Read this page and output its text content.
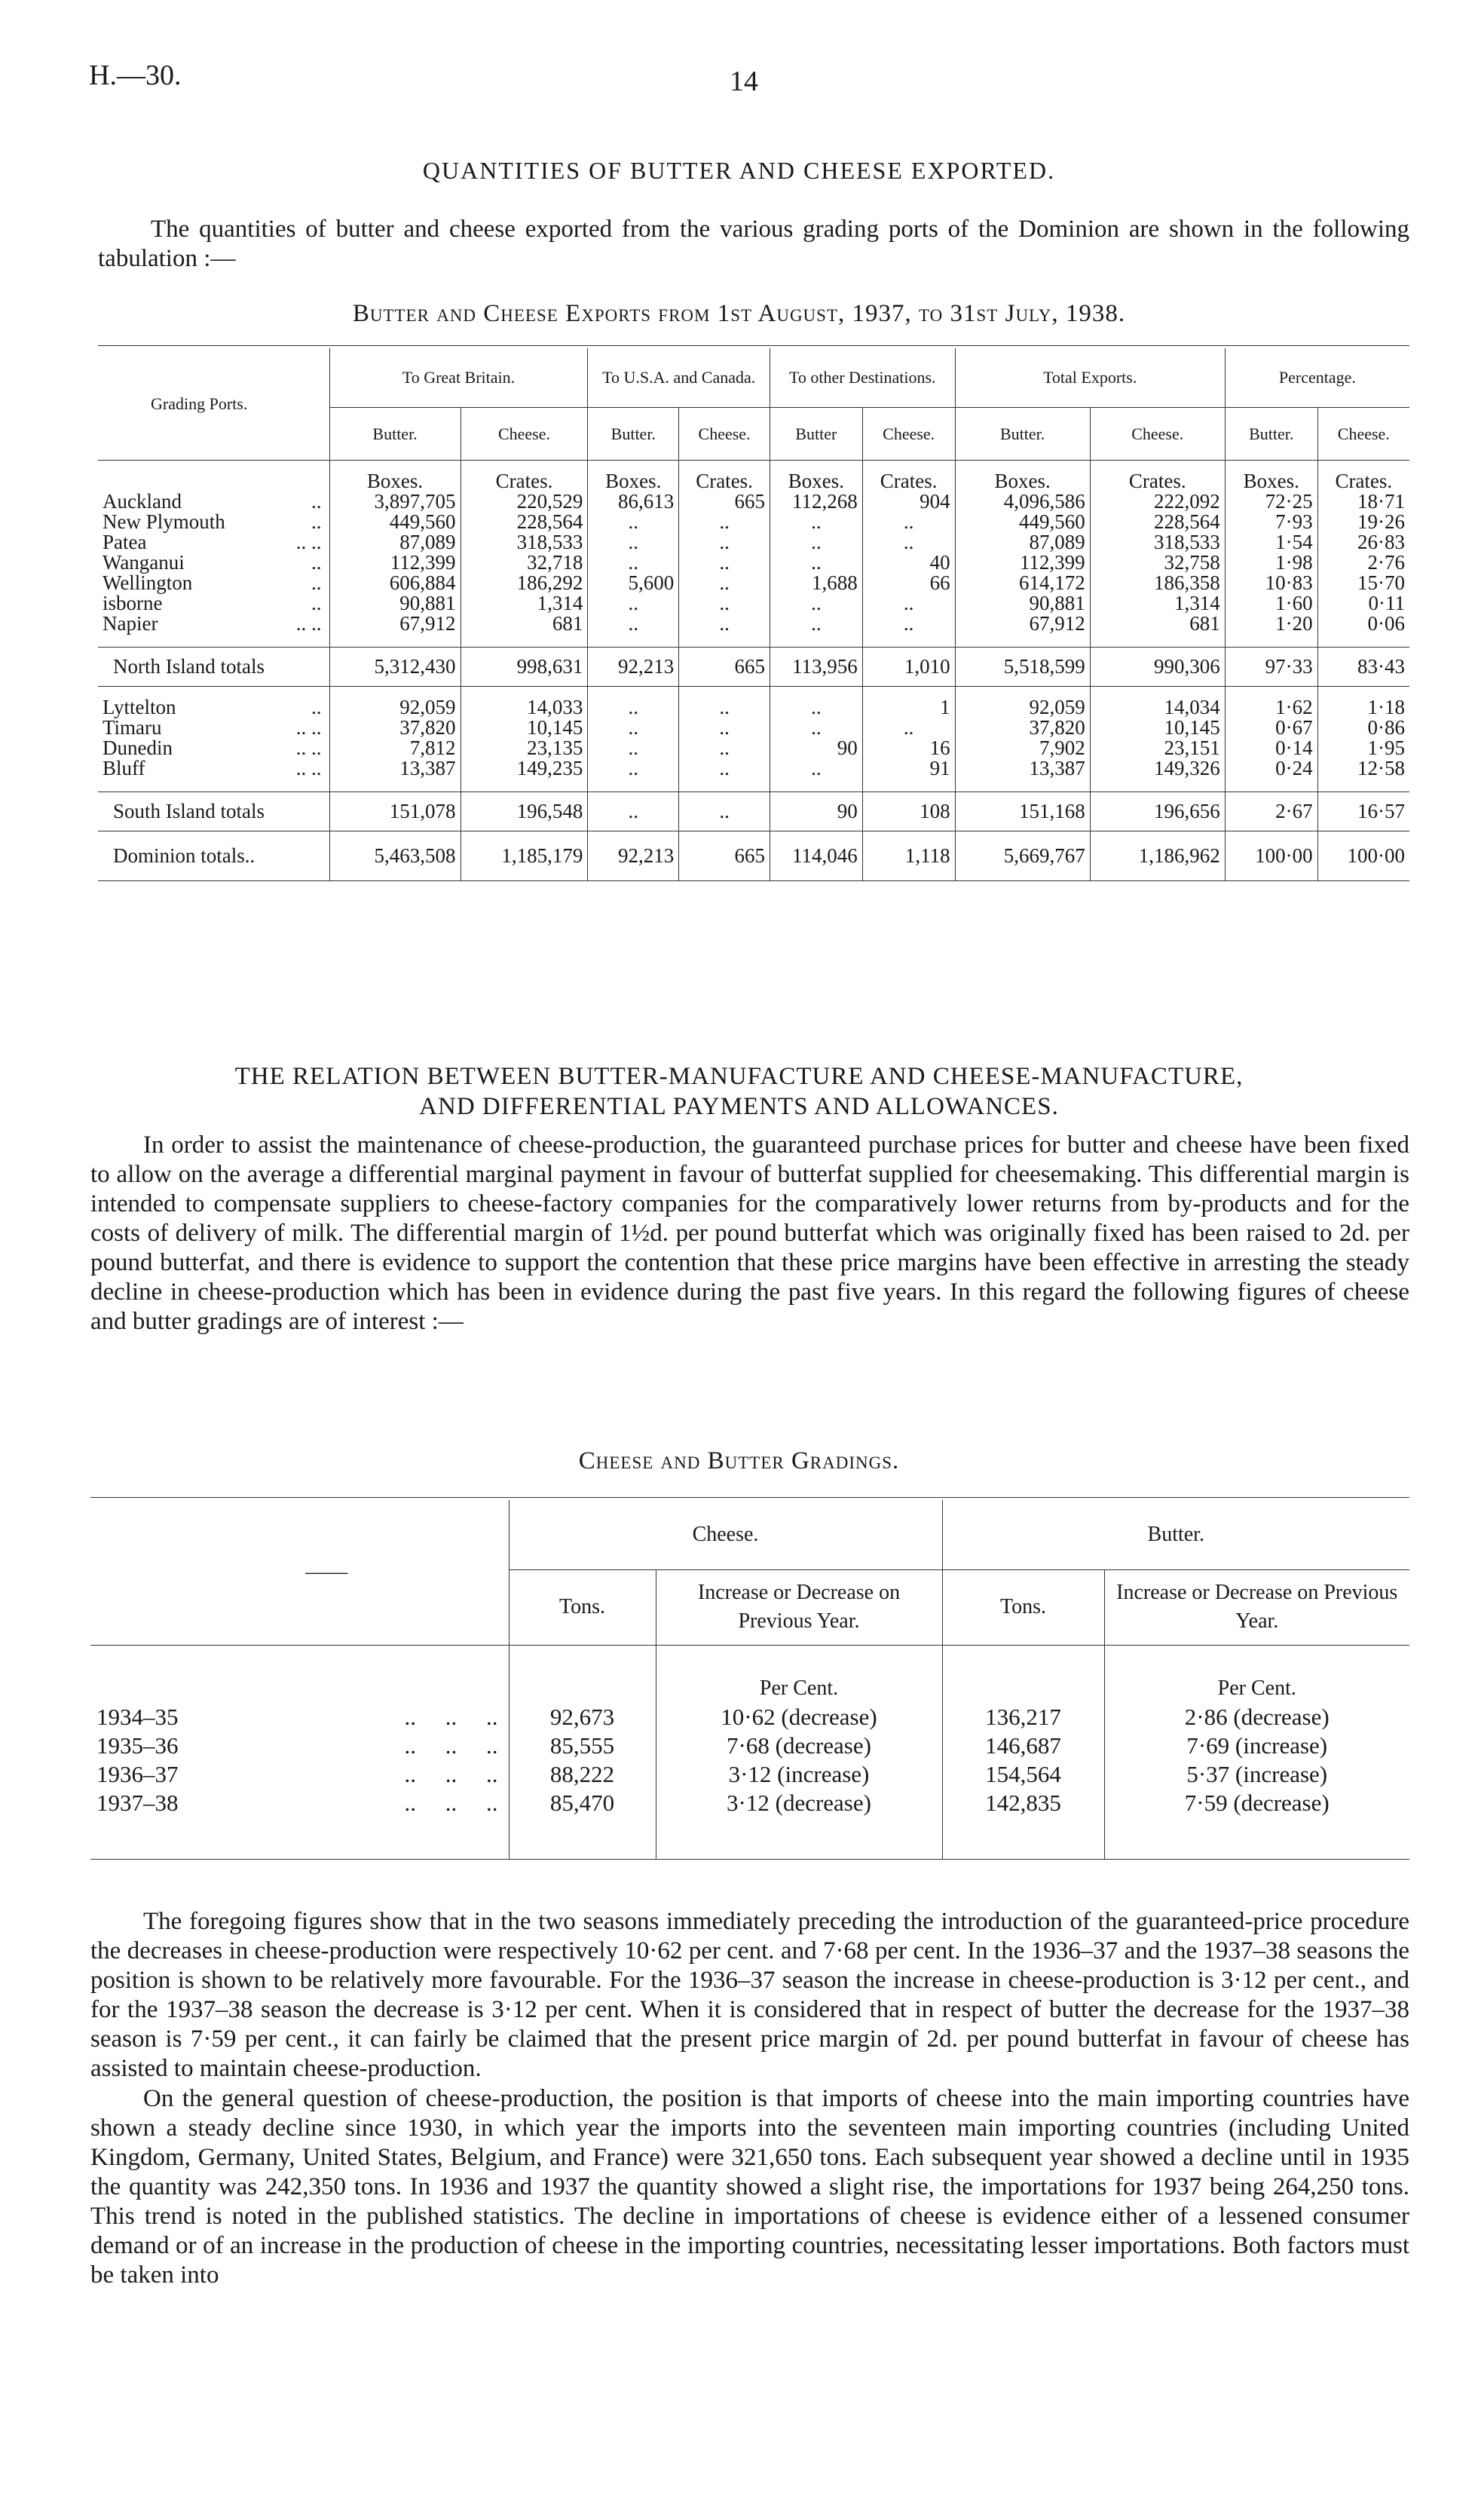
H.—30.	14
QUANTITIES OF BUTTER AND CHEESE EXPORTED.

The quantities of butter and cheese exported from the various grading ports of the Dominion are shown in the following tabulation :—

Butter and Cheese Exports from 1st August, 1937, to 31st July, 1938.
Grading Ports.	To Great Britain.		To U.S.A. and Canada.		To other Destinations.		Total Exports.		Percentage.	
	Butter.	Cheese.	Butter.	Cheese.	Butter	Cheese.	Butter.	Cheese.	Butter.	Cheese.
	Boxes.	Crates.	Boxes.	Crates.	Boxes.	Crates.	Boxes.	Crates.	Boxes.	Crates.
Auckland ..	3,897,705	220,529	86,613	665	112,268	904	4,096,586	222,092	72·25	18·71
New Plymouth ..	449,560	228,564	..	..	..	..	449,560	228,564	7·93	19·26
Patea .. ..	87,089	318,533	..	..	..	..	87,089	318,533	1·54	26·83
Wanganui ..	112,399	32,718	..	..	..	40	112,399	32,758	1·98	2·76
Wellington ..	606,884	186,292	5,600	..	1,688	66	614,172	186,358	10·83	15·70
isborne ..	90,881	1,314	..	..	..	..	90,881	1,314	1·60	0·11
Napier .. ..	67,912	681	..	..	..	..	67,912	681	1·20	0·06

North Island totals	5,312,430	998,631	92,213	665	113,956	1,010	5,518,599	990,306	97·33	83·43

Lyttelton ..	92,059	14,033	..	..	..	1	92,059	14,034	1·62	1·18
Timaru .. ..	37,820	10,145	..	..	..	..	37,820	10,145	0·67	0·86
Dunedin .. ..	7,812	23,135	..	..	90	16	7,902	23,151	0·14	1·95
Bluff .. ..	13,387	149,235	..	..	..	91	13,387	149,326	0·24	12·58

South Island totals	151,078	196,548	..	..	90	108	151,168	196,656	2·67	16·57
Dominion totals..	5,463,508	1,185,179	92,213	665	114,046	1,118	5,669,767	1,186,962	100·00	100·00
THE RELATION BETWEEN BUTTER-MANUFACTURE AND CHEESE-MANUFACTURE,
AND DIFFERENTIAL PAYMENTS AND ALLOWANCES.

In order to assist the maintenance of cheese-production, the guaranteed purchase prices for butter and cheese have been fixed to allow on the average a differential marginal payment in favour of butterfat supplied for cheesemaking. This differential margin is intended to compensate suppliers to cheese-factory companies for the comparatively lower returns from by-products and for the costs of delivery of milk. The differential margin of 1½d. per pound butterfat which was originally fixed has been raised to 2d. per pound butterfat, and there is evidence to support the contention that these price margins have been effective in arresting the steady decline in cheese-production which has been in evidence during the past five years. In this regard the following figures of cheese and butter gradings are of interest :—

Cheese and Butter Gradings.
——	Cheese.		Butter.	
	Tons.	Increase or Decrease on Previous Year.	Tons.	Increase or Decrease on Previous Year.
		Per Cent.		Per Cent.
1934–35 ..     ..     ..	92,673	10·62 (decrease)	136,217	2·86 (decrease)
1935–36 ..     ..     ..	85,555	7·68 (decrease)	146,687	7·69 (increase)
1936–37 ..     ..     ..	88,222	3·12 (increase)	154,564	5·37 (increase)
1937–38 ..     ..     ..	85,470	3·12 (decrease)	142,835	7·59 (decrease)

The foregoing figures show that in the two seasons immediately preceding the introduction of the guaranteed-price procedure the decreases in cheese-production were respectively 10·62 per cent. and 7·68 per cent. In the 1936–37 and the 1937–38 seasons the position is shown to be relatively more favourable. For the 1936–37 season the increase in cheese-production is 3·12 per cent., and for the 1937–38 season the decrease is 3·12 per cent. When it is considered that in respect of butter the decrease for the 1937–38 season is 7·59 per cent., it can fairly be claimed that the present price margin of 2d. per pound butterfat in favour of cheese has assisted to maintain cheese-production.

On the general question of cheese-production, the position is that imports of cheese into the main importing countries have shown a steady decline since 1930, in which year the imports into the seventeen main importing countries (including United Kingdom, Germany, United States, Belgium, and France) were 321,650 tons. Each subsequent year showed a decline until in 1935 the quantity was 242,350 tons. In 1936 and 1937 the quantity showed a slight rise, the importations for 1937 being 264,250 tons. This trend is noted in the published statistics. The decline in importations of cheese is evidence either of a lessened consumer demand or of an increase in the production of cheese in the importing countries, necessitating lesser importations. Both factors must be taken into
